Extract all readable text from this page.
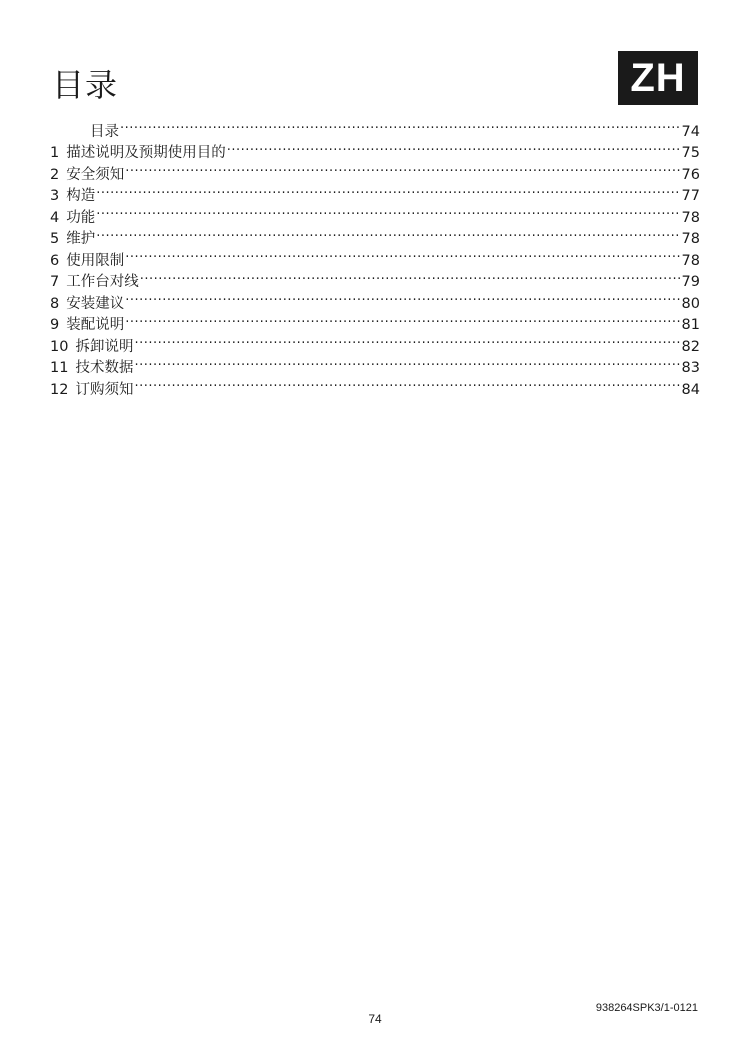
目录	ZH
目录 .....	74
1 描述说明及预期使用目的 .....	75
2 安全须知 .....	76
3 构造 .....	77
4 功能 .....	78
5 维护 .....	78
6 使用限制 .....	78
7 工作台对线 .....	79
8 安装建议 .....	80
9 装配说明 .....	81
10 拆卸说明 .....	82
11 技术数据 .....	83
12 订购须知 .....	84
938264SPK3/1-0121
74
